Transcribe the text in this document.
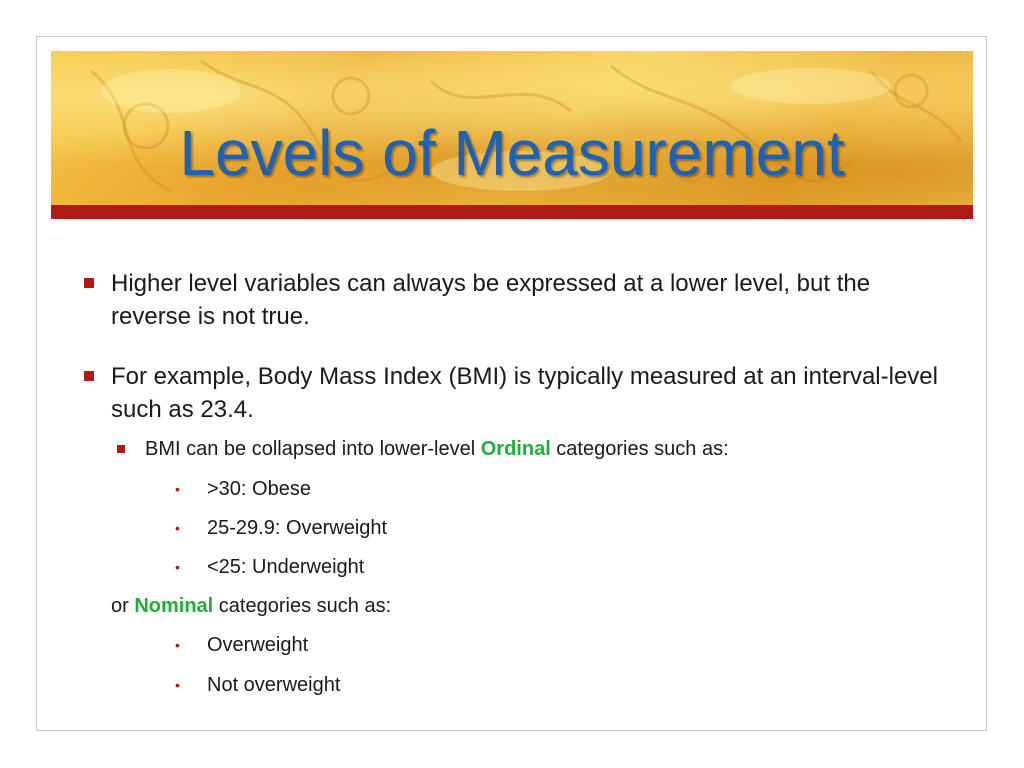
Levels of Measurement
Higher level variables can always be expressed at a lower level, but the reverse is not true.
For example, Body Mass Index (BMI) is typically measured at an interval-level such as 23.4.
BMI can be collapsed into lower-level Ordinal categories such as:
• >30: Obese
• 25-29.9: Overweight
• <25: Underweight
or Nominal categories such as:
• Overweight
• Not overweight
